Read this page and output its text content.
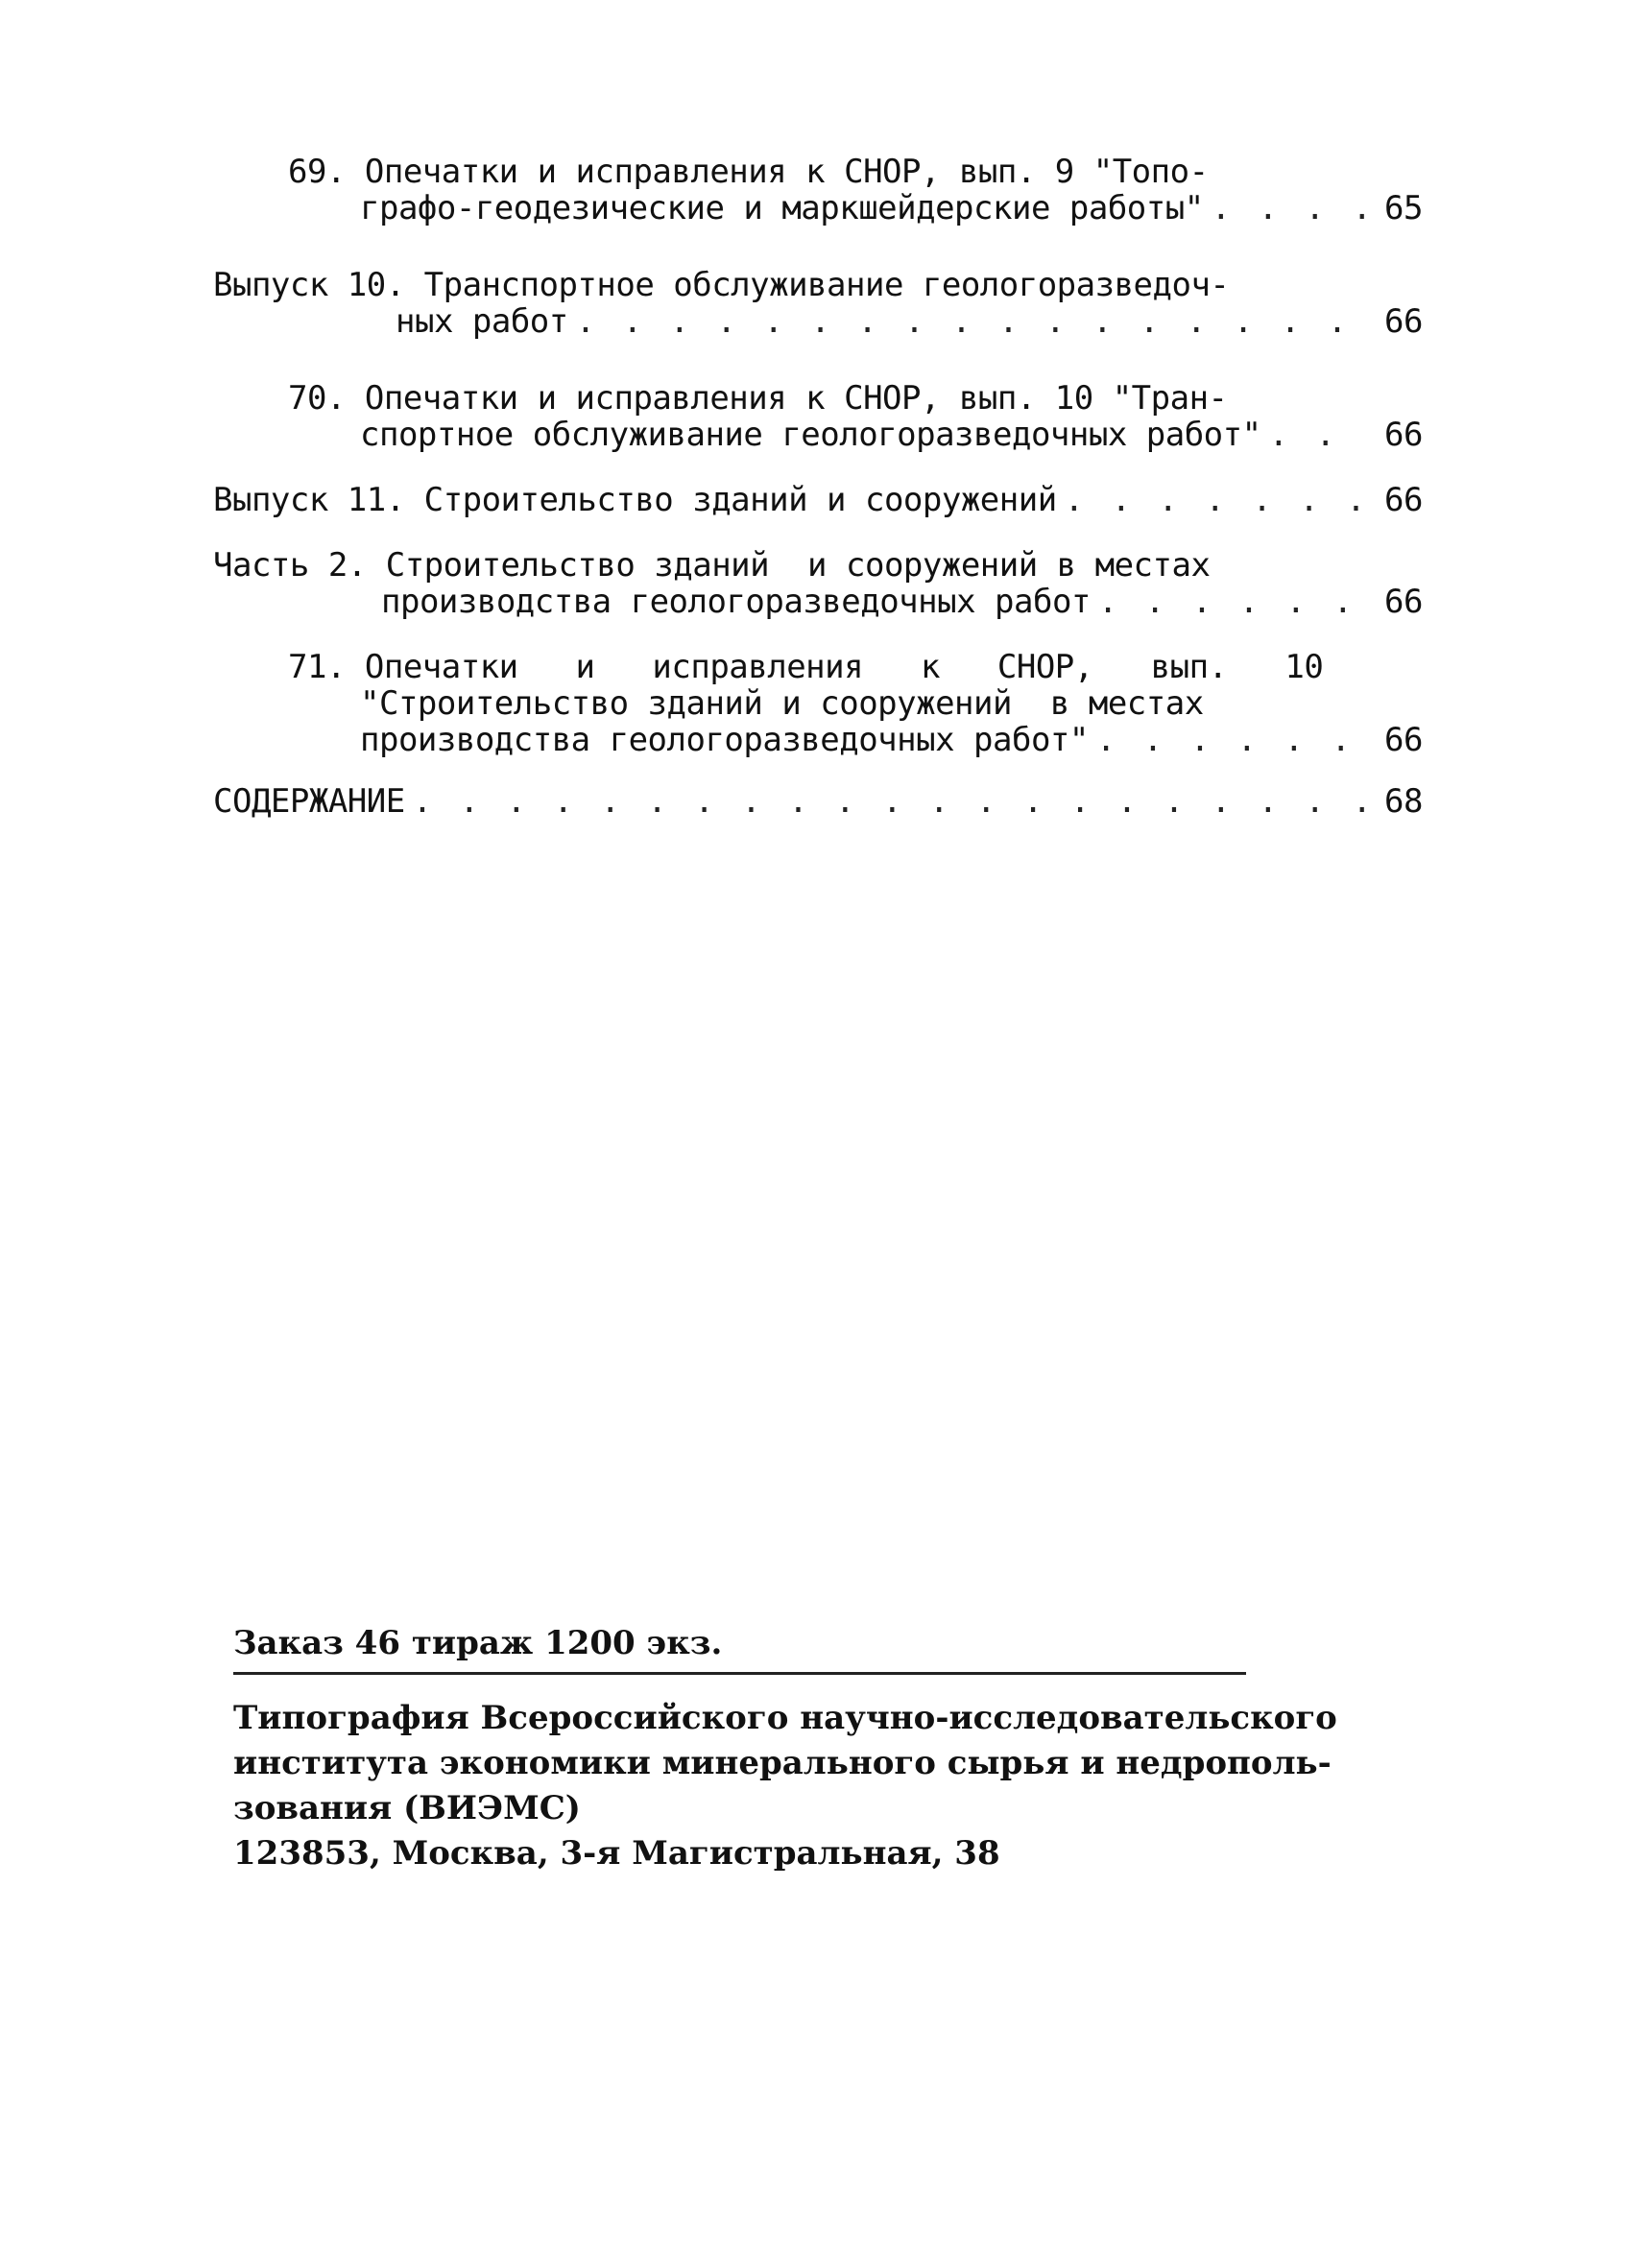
69. Опечатки и исправления к СНОР, вып. 9 "Топо-
графо-геодезические и маркшейдерские работы" . . .	65
Выпуск 10. Транспортное обслуживание геологоразведоч-
ных работ . . .	66
70. Опечатки и исправления к СНОР, вып. 10 "Тран-
спортное обслуживание геологоразведочных работ" . . .	66
Выпуск 11. Строительство зданий и сооружений . . .	66
Часть 2. Строительство зданий  и сооружений в местах
производства геологоразведочных работ . . .	66
71. Опечатки   и   исправления   к   СНОР,   вып.   10
"Строительство зданий и сооружений  в местах
производства геологоразведочных работ" . . .	66
СОДЕРЖАНИЕ . . .	68
Заказ 46 тираж 1200 экз.
Типография Всероссийского научно-исследовательского
института экономики минерального сырья и недрополь-
зования (ВИЭМС)
123853, Москва, 3-я Магистральная, 38
